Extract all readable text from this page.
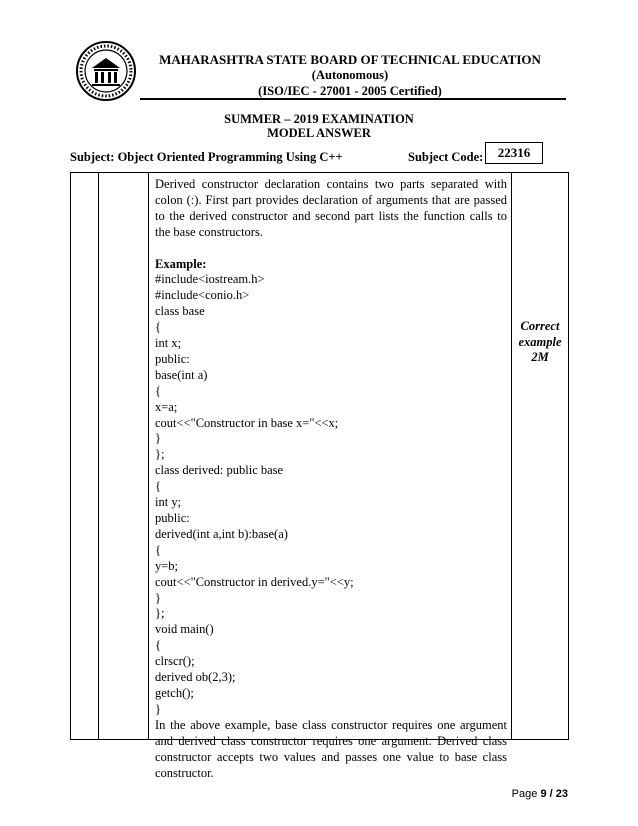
MAHARASHTRA STATE BOARD OF TECHNICAL EDUCATION
(Autonomous)
(ISO/IEC - 27001 - 2005 Certified)
SUMMER – 2019 EXAMINATION
MODEL ANSWER
Subject: Object Oriented Programming Using C++	Subject Code:	22316
Derived constructor declaration contains two parts separated with colon (:). First part provides declaration of arguments that are passed to the derived constructor and second part lists the function calls to the base constructors.
Example:
#include<iostream.h>
#include<conio.h>
class base
{
int x;
public:
base(int a)
{
x=a;
cout<<"Constructor in base x="<<x;
}
};
class derived: public base
{
int y;
public:
derived(int a,int b):base(a)
{
y=b;
cout<<"Constructor in derived.y="<<y;
}
};
void main()
{
clrscr();
derived ob(2,3);
getch();
}
In the above example, base class constructor requires one argument and derived class constructor requires one argument. Derived class constructor accepts two values and passes one value to base class constructor.
Correct
example
2M
Page 9 / 23
